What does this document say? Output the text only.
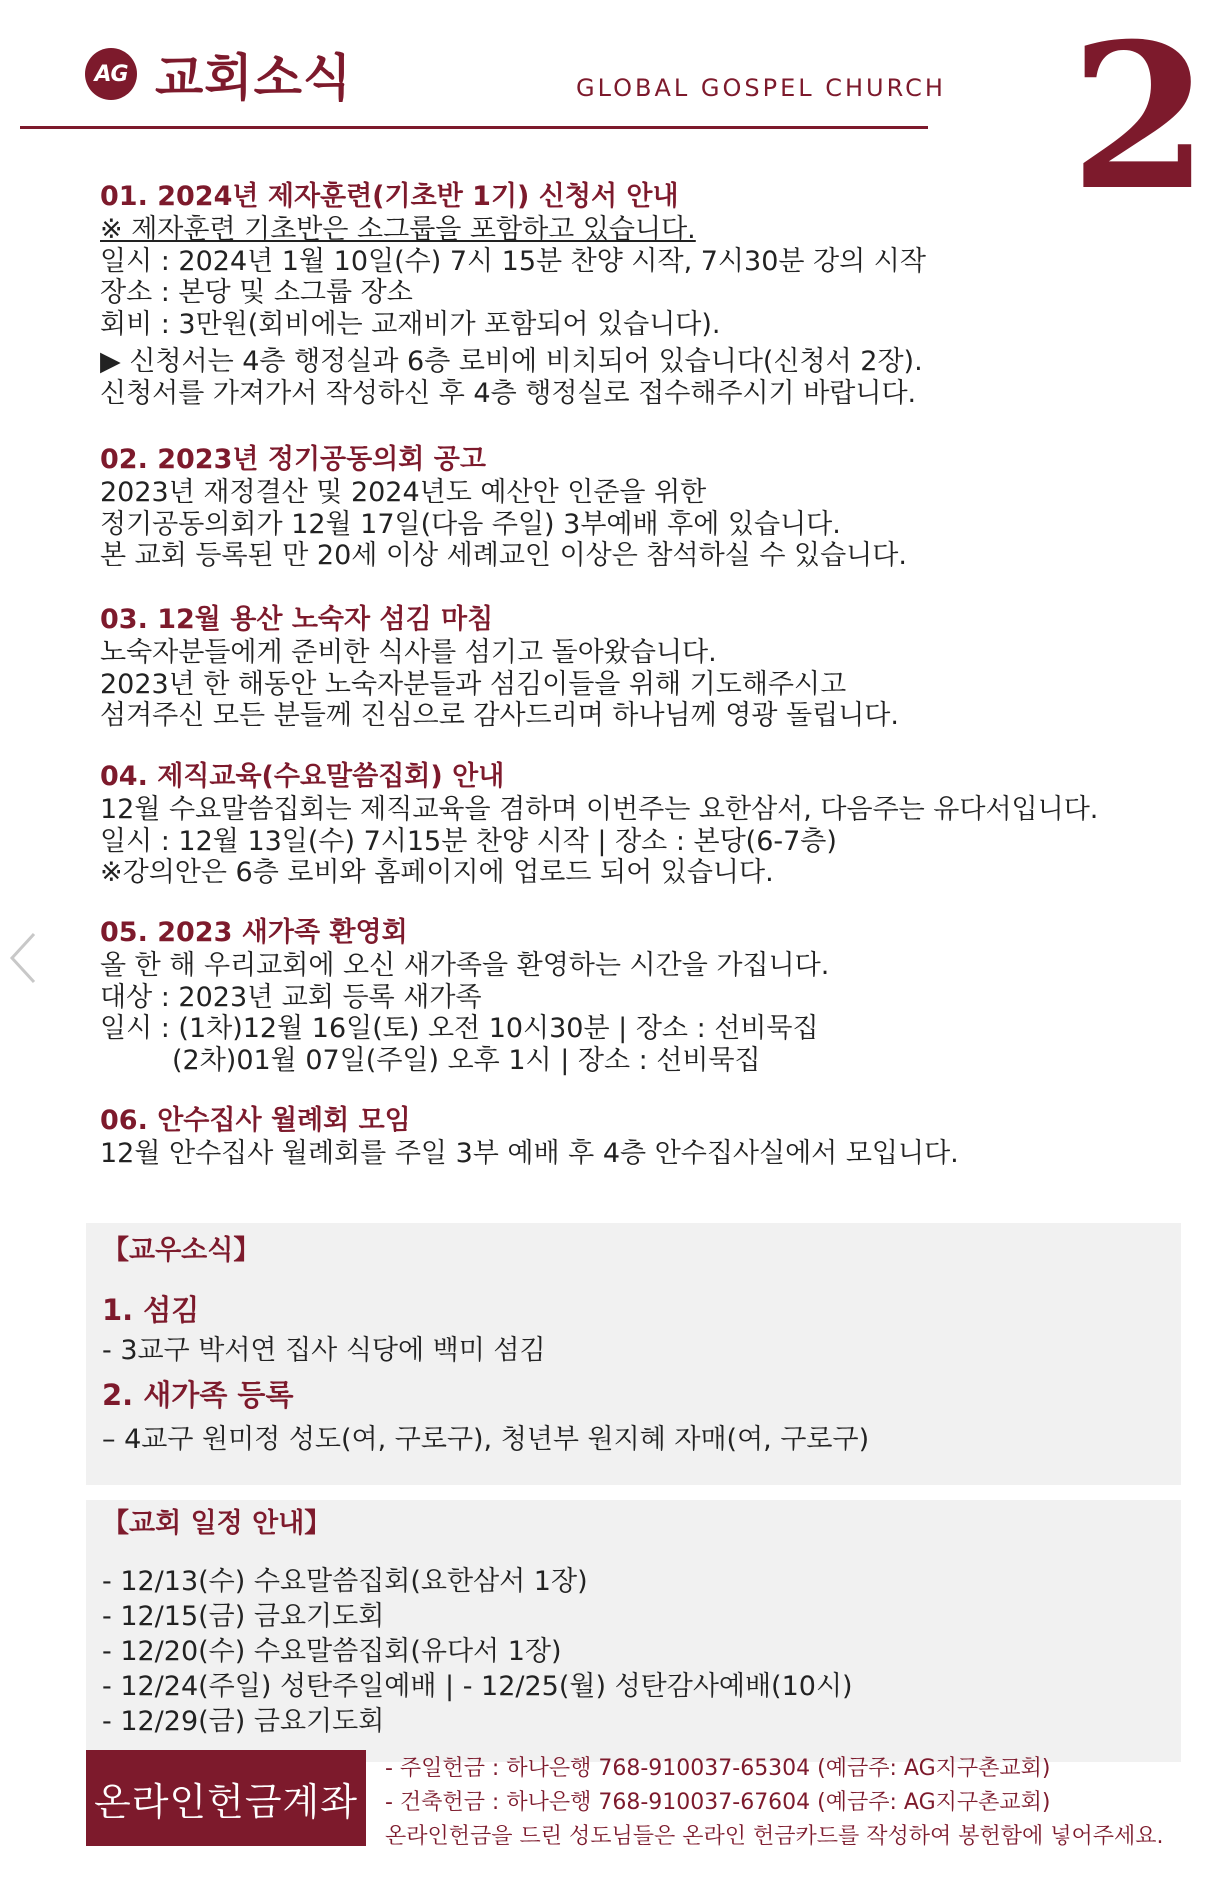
AG 교회소식	GLOBAL GOSPEL CHURCH 2
01. 2024년 제자훈련(기초반 1기) 신청서 안내

※ 제자훈련 기초반은 소그룹을 포함하고 있습니다.

일시 : 2024년 1월 10일(수) 7시 15분 찬양 시작, 7시30분 강의 시작

장소 : 본당 및 소그룹 장소

회비 : 3만원(회비에는 교재비가 포함되어 있습니다).

▶ 신청서는 4층 행정실과 6층 로비에 비치되어 있습니다(신청서 2장).

신청서를 가져가서 작성하신 후 4층 행정실로 접수해주시기 바랍니다.

02. 2023년 정기공동의회 공고

2023년 재정결산 및 2024년도 예산안 인준을 위한

정기공동의회가 12월 17일(다음 주일) 3부예배 후에 있습니다.

본 교회 등록된 만 20세 이상 세례교인 이상은 참석하실 수 있습니다.

03. 12월 용산 노숙자 섬김 마침

노숙자분들에게 준비한 식사를 섬기고 돌아왔습니다.

2023년 한 해동안 노숙자분들과 섬김이들을 위해 기도해주시고

섬겨주신 모든 분들께 진심으로 감사드리며 하나님께 영광 돌립니다.

04. 제직교육(수요말씀집회) 안내

12월 수요말씀집회는 제직교육을 겸하며 이번주는 요한삼서, 다음주는 유다서입니다.

일시 : 12월 13일(수) 7시15분 찬양 시작 | 장소 : 본당(6-7층)

※강의안은 6층 로비와 홈페이지에 업로드 되어 있습니다.

05. 2023 새가족 환영회

올 한 해 우리교회에 오신 새가족을 환영하는 시간을 가집니다.

대상 : 2023년 교회 등록 새가족

일시 : (1차)12월 16일(토) 오전 10시30분 | 장소 : 선비묵집

(2차)01월 07일(주일) 오후 1시 | 장소 : 선비묵집

06. 안수집사 월례회 모임

12월 안수집사 월례회를 주일 3부 예배 후 4층 안수집사실에서 모입니다.

【교우소식】
1. 섬김

- 3교구 박서연 집사 식당에 백미 섬김

2. 새가족 등록

– 4교구 원미정 성도(여, 구로구), 청년부 원지혜 자매(여, 구로구)

【교회 일정 안내】

- 12/13(수) 수요말씀집회(요한삼서 1장)

- 12/15(금) 금요기도회

- 12/20(수) 수요말씀집회(유다서 1장)

- 12/24(주일) 성탄주일예배 | - 12/25(월) 성탄감사예배(10시)

- 12/29(금) 금요기도회

온라인헌금계좌

- 주일헌금 : 하나은행 768-910037-65304 (예금주: AG지구촌교회)

- 건축헌금 : 하나은행 768-910037-67604 (예금주: AG지구촌교회)

온라인헌금을 드린 성도님들은 온라인 헌금카드를 작성하여 봉헌함에 넣어주세요.
